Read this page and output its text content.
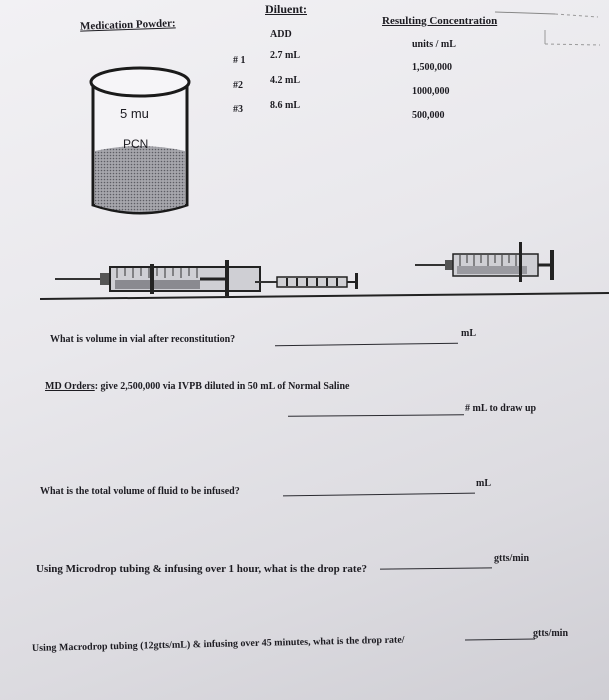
Medication Powder:
Diluent:
ADD
Resulting Concentration
units / mL
# 1 2.7 mL
1,500,000
#2	4.2 mL
1000,000
#3	8.6 mL
500,000
5 mu
PCN
What is volume in vial after reconstitution?
mL
MD Orders: give 2,500,000 via IVPB diluted in 50 mL of Normal Saline
# mL to draw up
What is the total volume of fluid to be infused?
mL
Using Microdrop tubing & infusing over 1 hour, what is the drop rate?
gtts/min
Using Macrodrop tubing (12gtts/mL) & infusing over 45 minutes, what is the drop rate/
gtts/min
